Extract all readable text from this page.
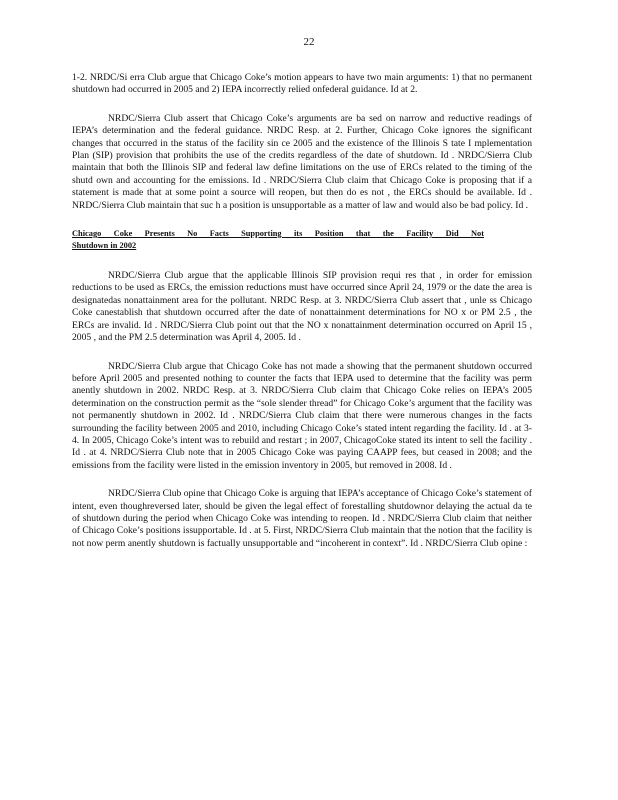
22

1-2. NRDC/Si erra Club argue that Chicago Coke’s motion appears to have two main arguments: 1) that no permanent shutdown had occurred in 2005 and 2) IEPA incorrectly relied onfederal guidance. Id at 2.

NRDC/Sierra Club assert that Chicago Coke’s arguments are ba sed on narrow and reductive readings of IEPA’s determination and the federal guidance. NRDC Resp. at 2. Further, Chicago Coke ignores the significant changes that occurred in the status of the facility sin ce 2005 and the existence of the Illinois S tate I mplementation Plan (SIP) provision that prohibits the use of the credits regardless of the date of shutdown. Id . NRDC/Sierra Club maintain that both the Illinois SIP and federal law define limitations on the use of ERCs related to the timing of the shutd own and accounting for the emissions. Id . NRDC/Sierra Club claim that Chicago Coke is proposing that if a statement is made that at some point a source will reopen, but then do es not , the ERCs should be available. Id . NRDC/Sierra Club maintain that suc h a position is unsupportable as a matter of law and would also be bad policy. Id .

Chicago Coke Presents No Facts Supporting its Position that the Facility Did Not
Shutdown in 2002

NRDC/Sierra Club argue that the applicable Illinois SIP provision requi res that , in order for emission reductions to be used as ERCs, the emission reductions must have occurred since April 24, 1979 or the date the area is designatedas nonattainment area for the pollutant. NRDC Resp. at 3. NRDC/Sierra Club assert that , unle ss Chicago Coke canestablish that shutdown occurred after the date of nonattainment determinations for NO x or PM 2.5 , the ERCs are invalid. Id . NRDC/Sierra Club point out that the NO x nonattainment determination occurred on April 15 , 2005 , and the PM 2.5 determination was April 4, 2005. Id .

NRDC/Sierra Club argue that Chicago Coke has not made a showing that the permanent shutdown occurred before April 2005 and presented nothing to counter the facts that IEPA used to determine that the facility was perm anently shutdown in 2002. NRDC Resp. at 3. NRDC/Sierra Club claim that Chicago Coke relies on IEPA’s 2005 determination on the construction permit as the “sole slender thread” for Chicago Coke’s argument that the facility was not permanently shutdown in 2002. Id . NRDC/Sierra Club claim that there were numerous changes in the facts surrounding the facility between 2005 and 2010, including Chicago Coke’s stated intent regarding the facility. Id . at 3-4. In 2005, Chicago Coke’s intent was to rebuild and restart ; in 2007, ChicagoCoke stated its intent to sell the facility . Id . at 4. NRDC/Sierra Club note that in 2005 Chicago Coke was paying CAAPP fees, but ceased in 2008; and the emissions from the facility were listed in the emission inventory in 2005, but removed in 2008. Id .

NRDC/Sierra Club opine that Chicago Coke is arguing that IEPA’s acceptance of Chicago Coke’s statement of intent, even thoughreversed later, should be given the legal effect of forestalling shutdownor delaying the actual da te of shutdown during the period when Chicago Coke was intending to reopen. Id . NRDC/Sierra Club claim that neither of Chicago Coke’s positions issupportable. Id . at 5. First, NRDC/Sierra Club maintain that the notion that the facility is not now perm anently shutdown is factually unsupportable and “incoherent in context”. Id . NRDC/Sierra Club opine :
